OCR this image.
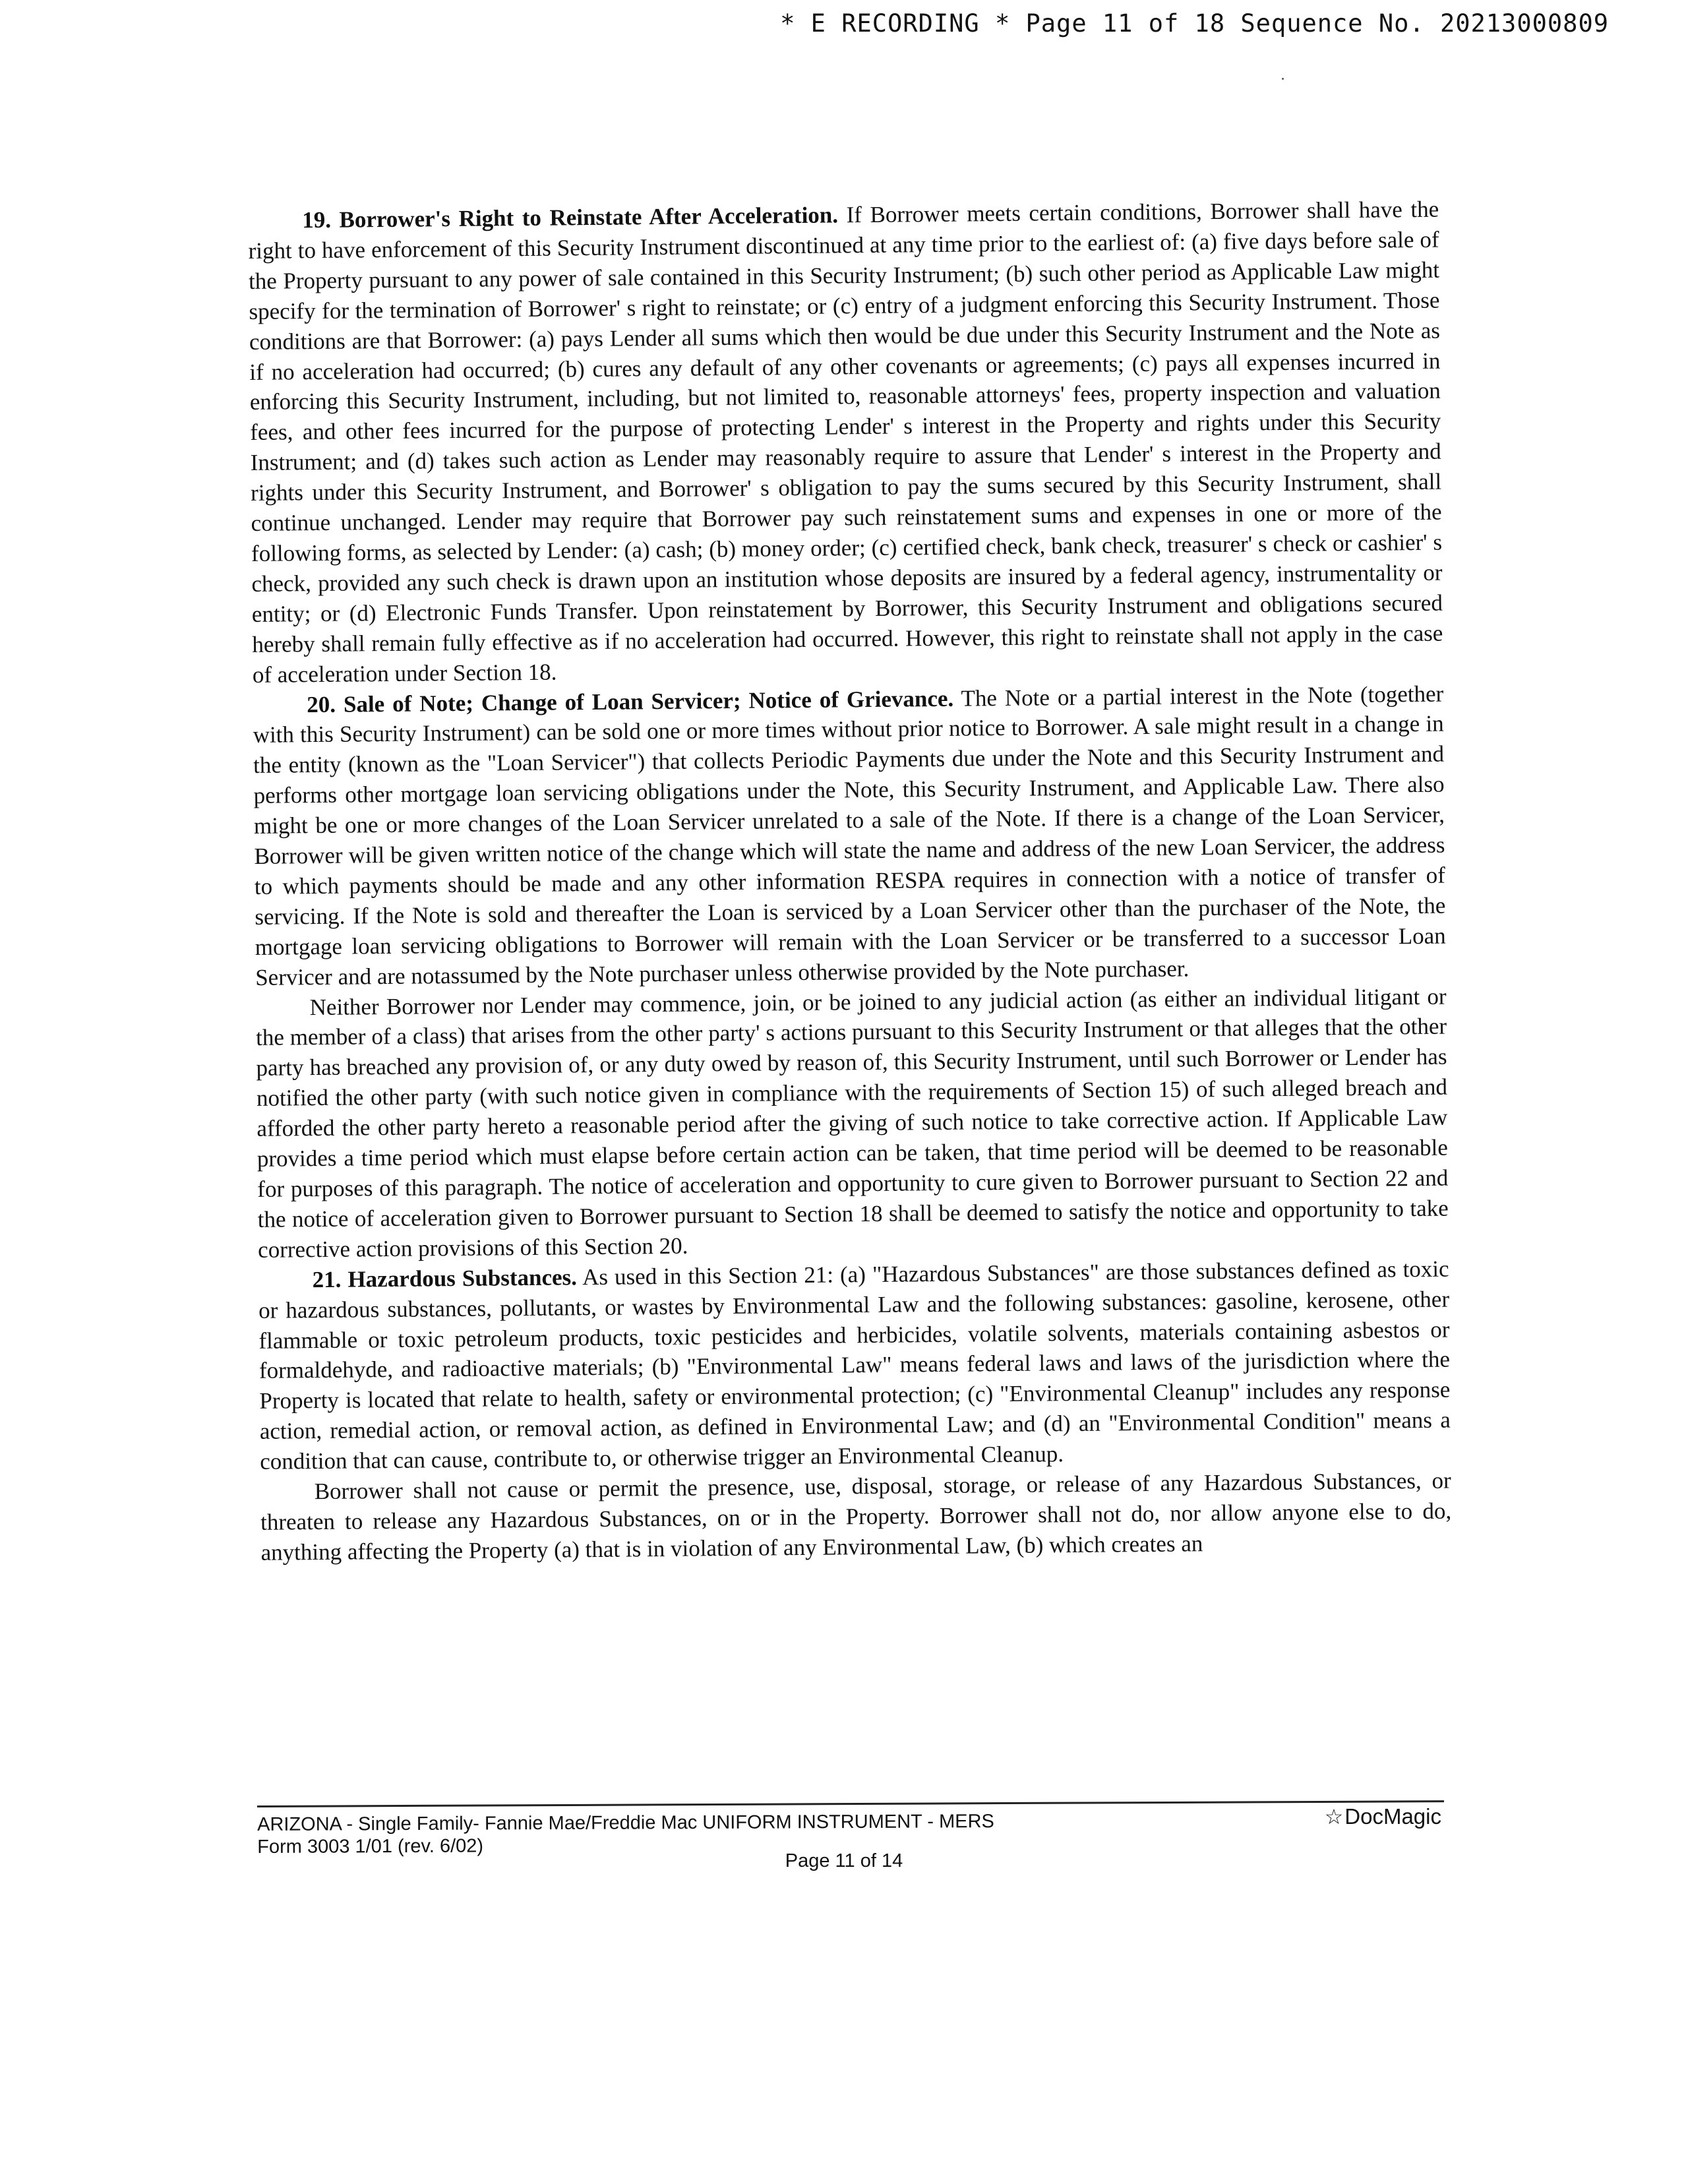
* E RECORDING * Page 11 of 18 Sequence No. 20213000809

19. Borrower's Right to Reinstate After Acceleration. If Borrower meets certain conditions, Borrower shall have the right to have enforcement of this Security Instrument discontinued at any time prior to the earliest of: (a) five days before sale of the Property pursuant to any power of sale contained in this Security Instrument; (b) such other period as Applicable Law might specify for the termination of Borrower' s right to reinstate; or (c) entry of a judgment enforcing this Security Instrument. Those conditions are that Borrower: (a) pays Lender all sums which then would be due under this Security Instrument and the Note as if no acceleration had occurred; (b) cures any default of any other covenants or agreements; (c) pays all expenses incurred in enforcing this Security Instrument, including, but not limited to, reasonable attorneys' fees, property inspection and valuation fees, and other fees incurred for the purpose of protecting Lender' s interest in the Property and rights under this Security Instrument; and (d) takes such action as Lender may reasonably require to assure that Lender' s interest in the Property and rights under this Security Instrument, and Borrower' s obligation to pay the sums secured by this Security Instrument, shall continue unchanged. Lender may require that Borrower pay such reinstatement sums and expenses in one or more of the following forms, as selected by Lender: (a) cash; (b) money order; (c) certified check, bank check, treasurer' s check or cashier' s check, provided any such check is drawn upon an institution whose deposits are insured by a federal agency, instrumentality or entity; or (d) Electronic Funds Transfer. Upon reinstatement by Borrower, this Security Instrument and obligations secured hereby shall remain fully effective as if no acceleration had occurred. However, this right to reinstate shall not apply in the case of acceleration under Section 18.

20. Sale of Note; Change of Loan Servicer; Notice of Grievance. The Note or a partial interest in the Note (together with this Security Instrument) can be sold one or more times without prior notice to Borrower. A sale might result in a change in the entity (known as the "Loan Servicer") that collects Periodic Payments due under the Note and this Security Instrument and performs other mortgage loan servicing obligations under the Note, this Security Instrument, and Applicable Law. There also might be one or more changes of the Loan Servicer unrelated to a sale of the Note. If there is a change of the Loan Servicer, Borrower will be given written notice of the change which will state the name and address of the new Loan Servicer, the address to which payments should be made and any other information RESPA requires in connection with a notice of transfer of servicing. If the Note is sold and thereafter the Loan is serviced by a Loan Servicer other than the purchaser of the Note, the mortgage loan servicing obligations to Borrower will remain with the Loan Servicer or be transferred to a successor Loan Servicer and are notassumed by the Note purchaser unless otherwise provided by the Note purchaser.

Neither Borrower nor Lender may commence, join, or be joined to any judicial action (as either an individual litigant or the member of a class) that arises from the other party' s actions pursuant to this Security Instrument or that alleges that the other party has breached any provision of, or any duty owed by reason of, this Security Instrument, until such Borrower or Lender has notified the other party (with such notice given in compliance with the requirements of Section 15) of such alleged breach and afforded the other party hereto a reasonable period after the giving of such notice to take corrective action. If Applicable Law provides a time period which must elapse before certain action can be taken, that time period will be deemed to be reasonable for purposes of this paragraph. The notice of acceleration and opportunity to cure given to Borrower pursuant to Section 22 and the notice of acceleration given to Borrower pursuant to Section 18 shall be deemed to satisfy the notice and opportunity to take corrective action provisions of this Section 20.

21. Hazardous Substances. As used in this Section 21: (a) "Hazardous Substances" are those substances defined as toxic or hazardous substances, pollutants, or wastes by Environmental Law and the following substances: gasoline, kerosene, other flammable or toxic petroleum products, toxic pesticides and herbicides, volatile solvents, materials containing asbestos or formaldehyde, and radioactive materials; (b) "Environmental Law" means federal laws and laws of the jurisdiction where the Property is located that relate to health, safety or environmental protection; (c) "Environmental Cleanup" includes any response action, remedial action, or removal action, as defined in Environmental Law; and (d) an "Environmental Condition" means a condition that can cause, contribute to, or otherwise trigger an Environmental Cleanup.

Borrower shall not cause or permit the presence, use, disposal, storage, or release of any Hazardous Substances, or threaten to release any Hazardous Substances, on or in the Property. Borrower shall not do, nor allow anyone else to do, anything affecting the Property (a) that is in violation of any Environmental Law, (b) which creates an

ARIZONA - Single Family- Fannie Mae/Freddie Mac UNIFORM INSTRUMENT - MERS
Form 3003 1/01 (rev. 6/02)
☆DocMagic
Page 11 of 14
